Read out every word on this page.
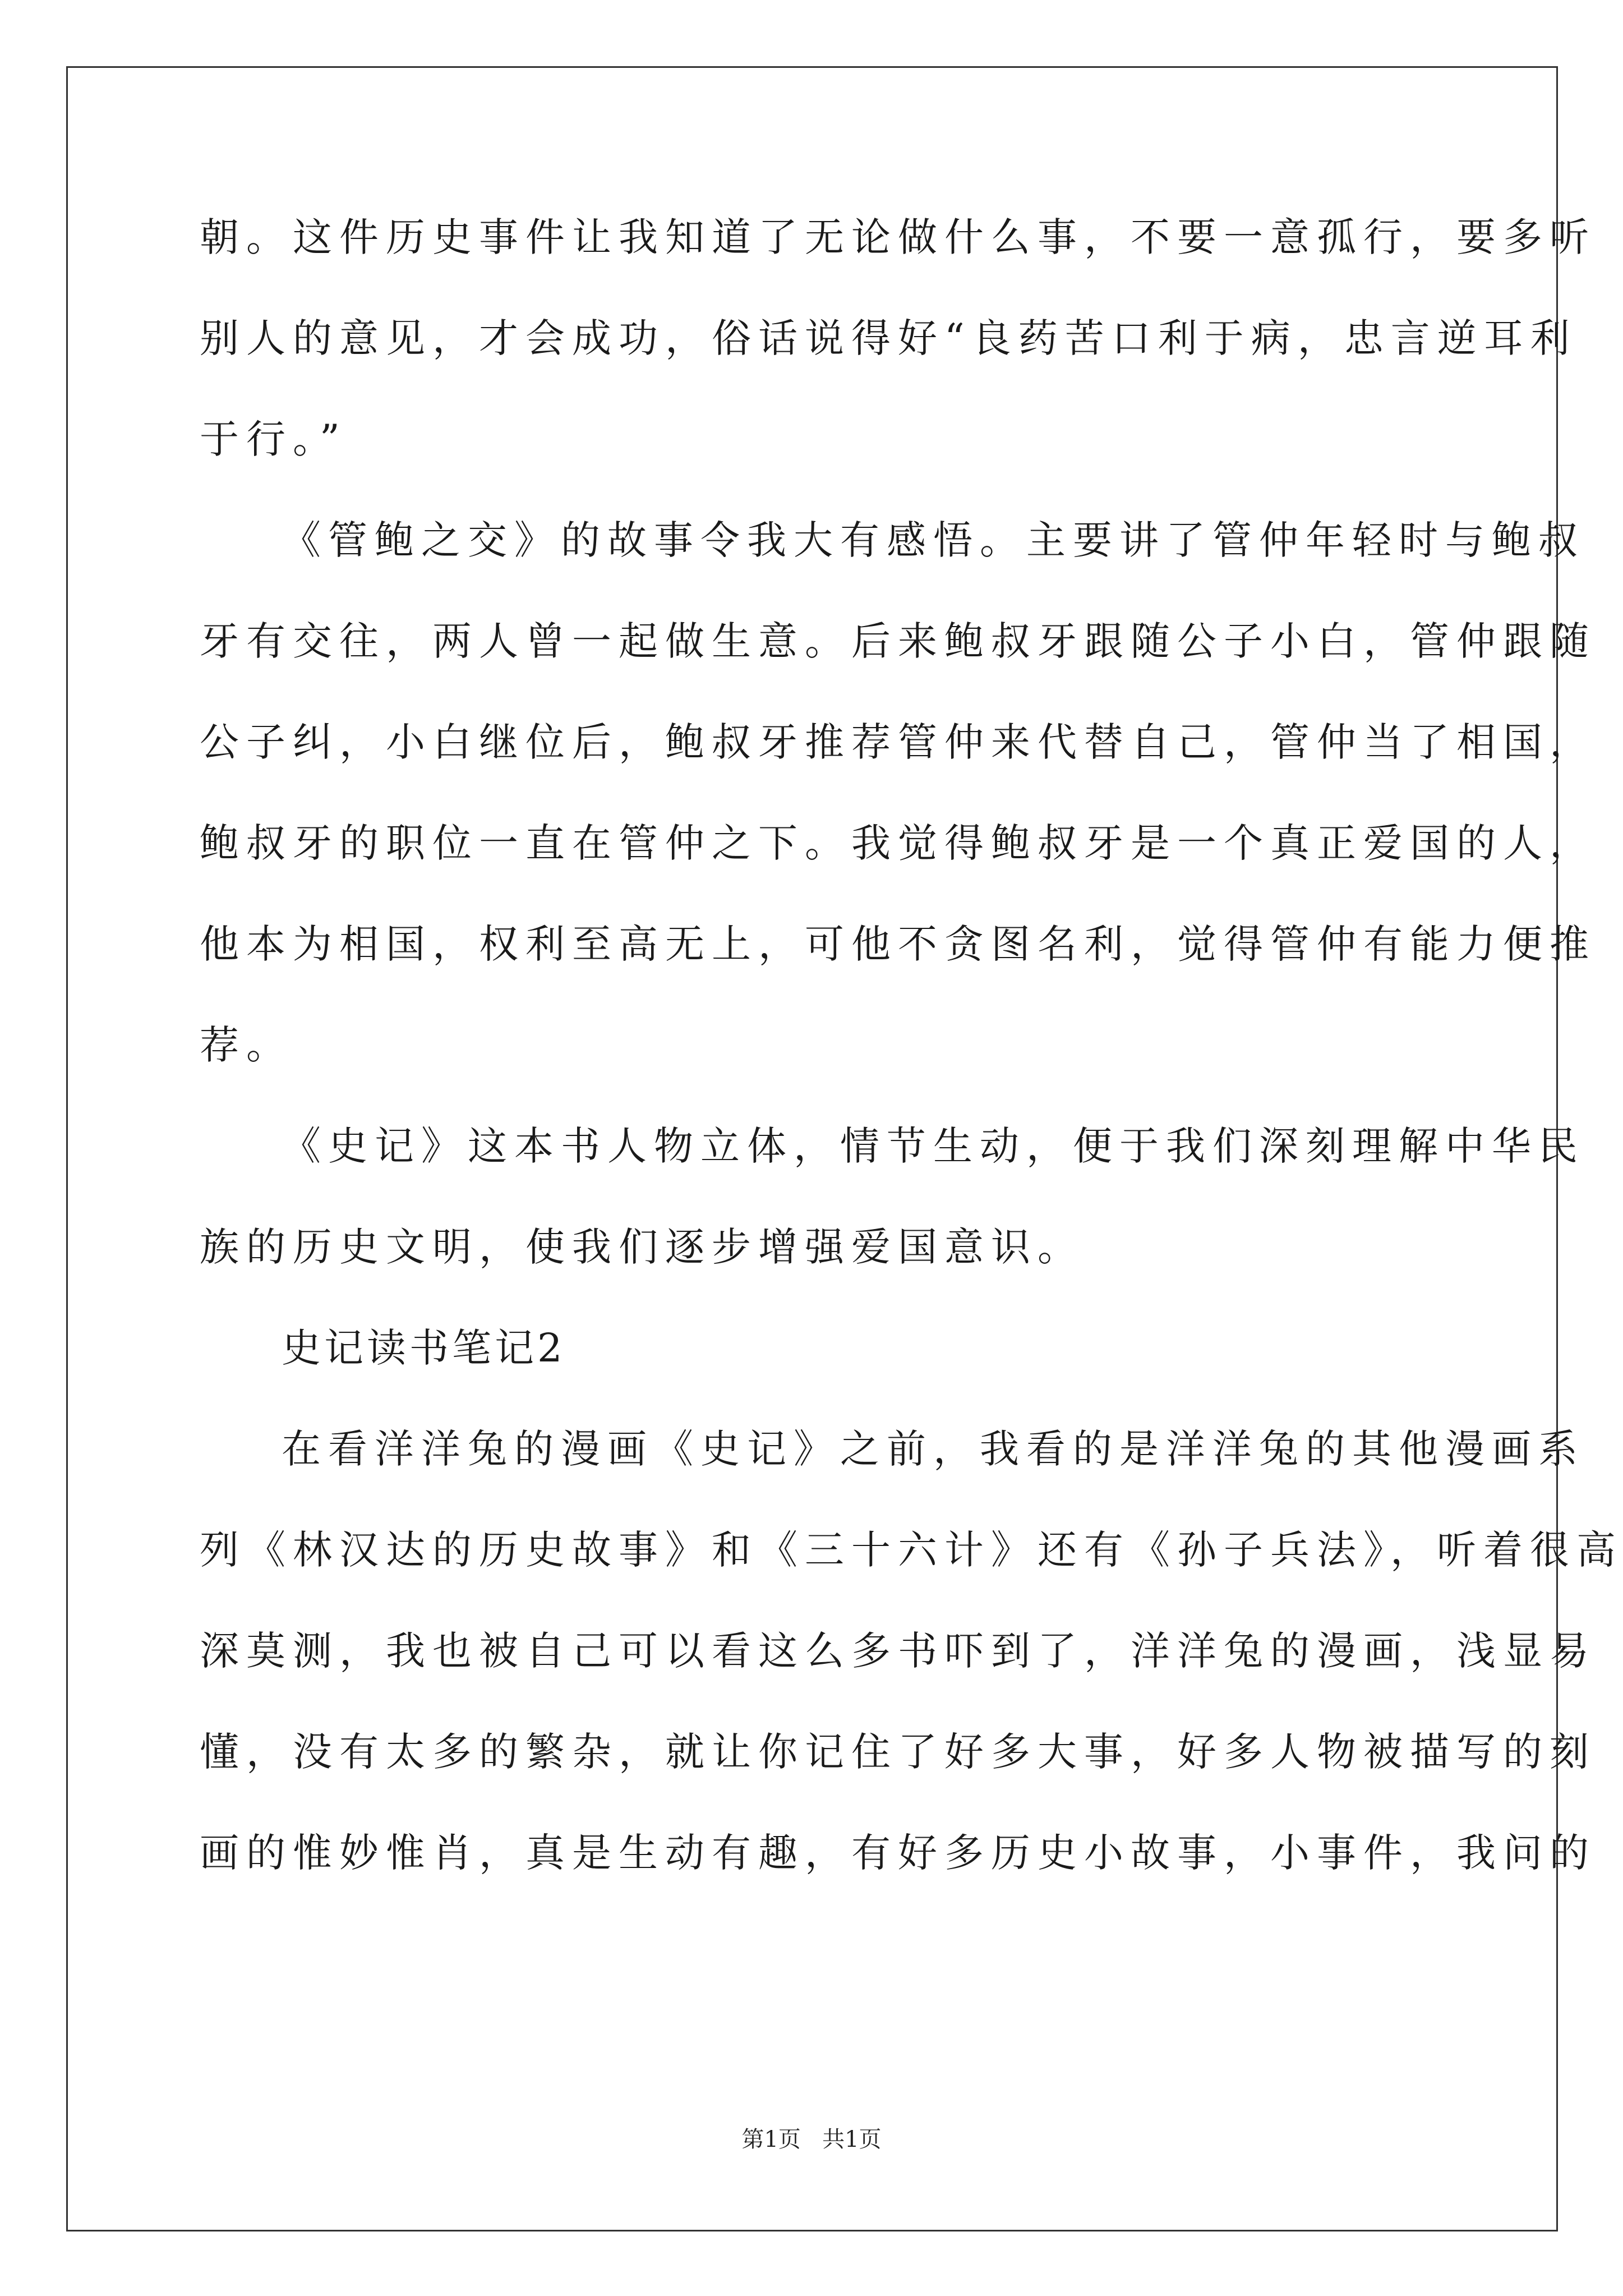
朝。这件历史事件让我知道了无论做什么事，不要一意孤行，要多听
别人的意见，才会成功，俗话说得好“良药苦口利于病，忠言逆耳利
于行。”
《管鲍之交》的故事令我大有感悟。主要讲了管仲年轻时与鲍叔
牙有交往，两人曾一起做生意。后来鲍叔牙跟随公子小白，管仲跟随
公子纠，小白继位后，鲍叔牙推荐管仲来代替自己，管仲当了相国，
鲍叔牙的职位一直在管仲之下。我觉得鲍叔牙是一个真正爱国的人，
他本为相国，权利至高无上，可他不贪图名利，觉得管仲有能力便推
荐。
《史记》这本书人物立体，情节生动，便于我们深刻理解中华民
族的历史文明，使我们逐步增强爱国意识。
史记读书笔记2
在看洋洋兔的漫画《史记》之前，我看的是洋洋兔的其他漫画系
列《林汉达的历史故事》和《三十六计》还有《孙子兵法》，听着很高
深莫测，我也被自己可以看这么多书吓到了，洋洋兔的漫画，浅显易
懂，没有太多的繁杂，就让你记住了好多大事，好多人物被描写的刻
画的惟妙惟肖，真是生动有趣，有好多历史小故事，小事件，我问的
第1页 共1页
